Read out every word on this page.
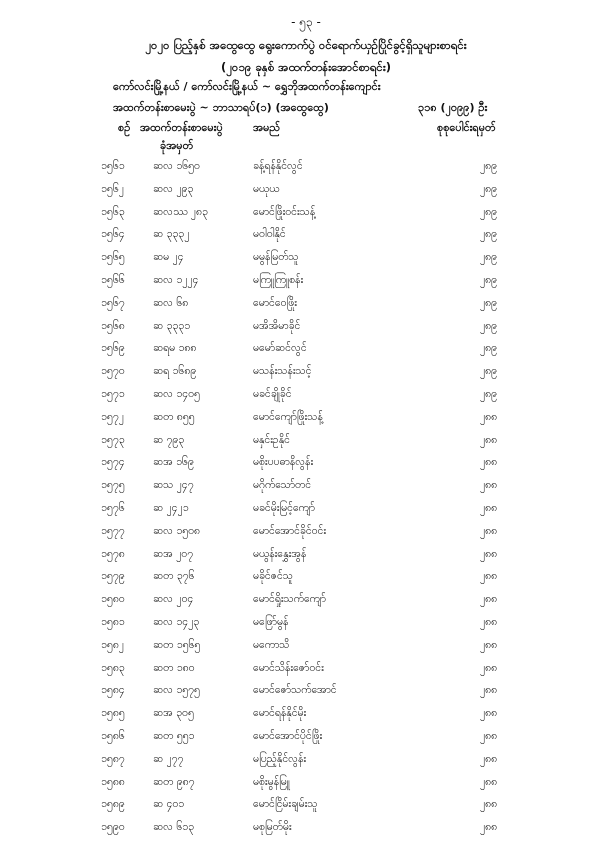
- ၅၃ -
၂၀၂၀ ပြည့်နှစ် အထွေထွေ ရွေးကောက်ပွဲ ဝင်ရောက်ယှဉ်ပြိုင်ခွင့်ရှိသူများစာရင်း
(၂၀၁၉ ခုနှစ် အထက်တန်းအောင်စာရင်း)
ကော်လင်းမြို့နယ် / ကော်လင်းမြို့နယ် ~ ရွှေဘိုအထက်တန်းကျောင်း
အထက်တန်းစာမေးပွဲ ~ ဘာသာရပ်(၁) (အထွေထွေ)	၃၁၈ (၂၀၉၉) ဦး
စဉ် အထက်တန်းစာမေးပွဲ
ခုံအမှတ်
အမည်	စုစုပေါင်းရမှတ်
၁၅၆၁	ဆလ ၁၆၅၀	ခန့်ရန်နိုင်လွင်	၂၈၉
၁၅၆၂	ဆလ ၂၉၃	မယုယ	၂၈၉
၁၅၆၃	ဆလဿ ၂၈၃	မောင်ဖြိုးဝင်းသန့်	၂၈၉
၁၅၆၄	ဆ ၃၃၃၂	မဝါဝါနိုင်	၂၈၉
၁၅၆၅	ဆမ ၂၄	မမွန်မြတ်သူ	၂၈၉
၁၅၆၆	ဆလ ၁၂၂၄	မကြူကြူစန်း	၂၈၉
၁၅၆၇	ဆလ ၆၈	မောင်ဝေဖြိုး	၂၈၉
၁၅၆၈	ဆ ၃၃၃၁	မအိအိမာခိုင်	၂၈၉
၁၅၆၉	ဆရမ ၁၈၈	မမော်ဆင်လွင်	၂၈၉
၁၅၇၀	ဆရ ၁၆၈၉	မသန်းသန်းသင့်	၂၈၉
၁၅၇၁	ဆလ ၁၄၀၅	မခင်ချိုခိုင်	၂၈၉
၁၅၇၂	ဆတ ၈၅၅	မောင်ကျော်ဖြိုးသန့်	၂၈၈
၁၅၇၃	ဆ ၇၉၃	မနှင်းဥနိုင်	၂၈၈
၁၅၇၄	ဆအ ၁၆၉	မစိုးပပဓာနိလွန်း	၂၈၈
၁၅၇၅	ဆသ ၂၄၇	မဂိုက်သော်တင်	၂၈၈
၁၅၇၆	ဆ ၂၄၂၁	မခင်မိုးမြင့်ကျော်	၂၈၈
၁၅၇၇	ဆလ ၁၅၀၈	မောင်အောင်ခိုင်ဝင်း	၂၈၈
၁၅၇၈	ဆအ ၂၀၇	မယွန်းနွှေးအွန်	၂၈၈
၁၅၇၉	ဆတ ၃၇၆	မခိုင်ဇင်သူ	၂၈၈
၁၅၈၀	ဆလ ၂၀၄	မောင်ရှိုးသက်ကျော်	၂၈၈
၁၅၈၁	ဆလ ၁၄၂၃	မဖြော်မွန်	၂၈၈
၁၅၈၂	ဆတ ၁၅၆၅	မကောသိ	၂၈၈
၁၅၈၃	ဆတ ၁၈၀	မောင်သိန်းဇော်ဝင်း	၂၈၈
၁၅၈၄	ဆလ ၁၅၇၅	မောင်ဇော်သက်အောင်	၂၈၈
၁၅၈၅	ဆအ ၃၀၅	မောင်ရန်နိုင်မိုး	၂၈၈
၁၅၈၆	ဆတ ၅၅၁	မောင်အောင်ပိုင်ဖြိုး	၂၈၈
၁၅၈၇	ဆ ၂၇၇	မပြည့်နိုင်လွန်း	၂၈၈
၁၅၈၈	ဆတ ၉၈၇	မစိုးမွန်မြူ	၂၈၈
၁၅၈၉	ဆ ၄၀၁	မောင်ငြိမ်းချမ်းသူ	၂၈၈
၁၅၉၀	ဆလ ၆၁၃	မစုမြတ်မိုး	၂၈၈
